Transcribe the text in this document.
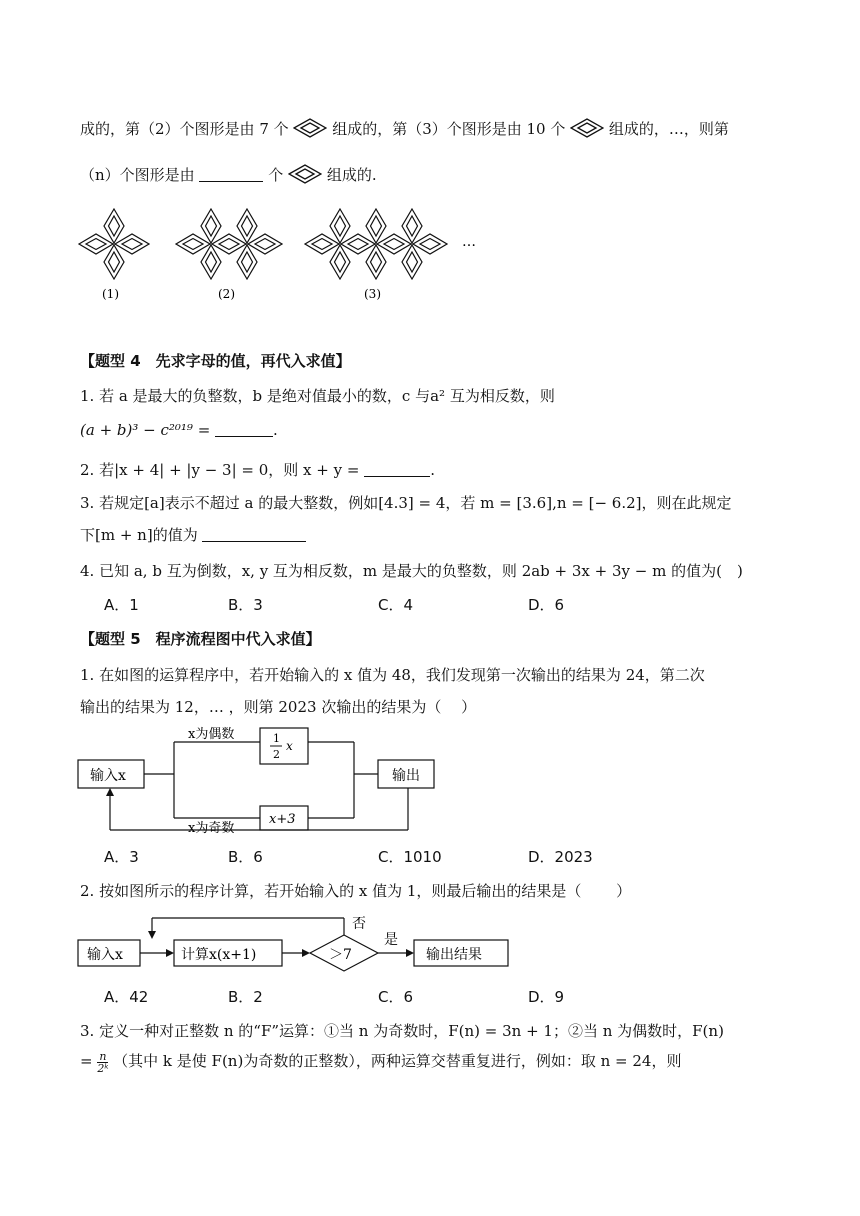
成的，第（2）个图形是由 7 个	组成的，第（3）个图形是由 10 个	组成的，…，则第
（n）个图形是由	个	组成的.
…
(1)	(2)	(3)
【题型 4　先求字母的值，再代入求值】
1. 若 a 是最大的负整数，b 是绝对值最小的数，c 与a² 互为相反数，则
(a + b)³ − c²⁰¹⁹ =	.
2. 若|x + 4| + |y − 3| = 0，则 x + y =	.
3. 若规定[a]表示不超过 a 的最大整数，例如[4.3] = 4，若 m = [3.6],n = [− 6.2]，则在此规定
下[m + n]的值为
4. 已知 a, b 互为倒数，x, y 互为相反数，m 是最大的负整数，则 2ab + 3x + 3y − m 的值为(　)
A．1	B．3	C．4	D．6
【题型 5　程序流程图中代入求值】
1. 在如图的运算程序中，若开始输入的 x 值为 48，我们发现第一次输出的结果为 24，第二次
输出的结果为 12，… ，则第 2023 次输出的结果为（　 ）
输入x
1
2
x
x+3
x为偶数
x为奇数
输出
A．3	B．6	C．1010	D．2023
2. 按如图所示的程序计算，若开始输入的 x 值为 1，则最后输出的结果是（　　 ）
输入x	计算x(x+1)	＞7
是
输出结果
否
A．42	B．2	C．6	D．9
3. 定义一种对正整数 n 的“F”运算：①当 n 为奇数时，F(n) = 3n + 1；②当 n 为偶数时，F(n)
= $\frac{n}{\text{2ᵏ}}$ （其中 k 是使 F(n)为奇数的正整数），两种运算交替重复进行，例如：取 n = 24，则
